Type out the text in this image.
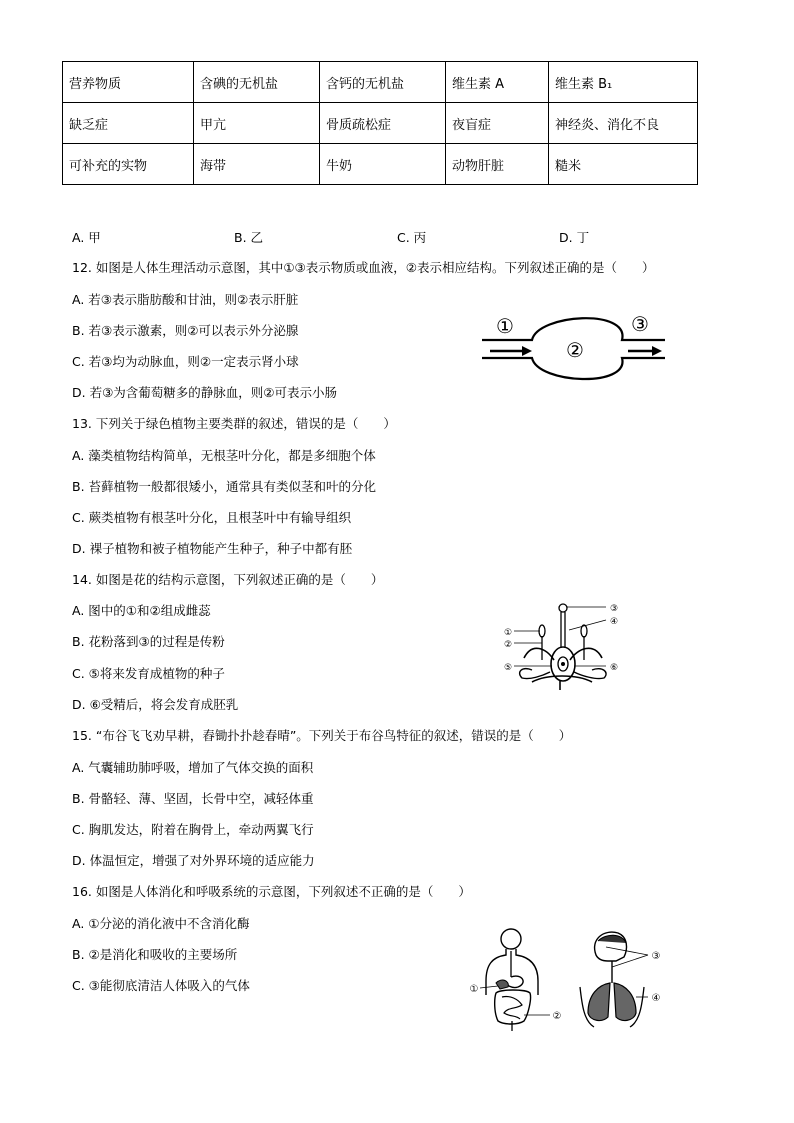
营养物质	含碘的无机盐	含钙的无机盐	维生素 A	维生素 B₁
缺乏症	甲亢	骨质疏松症	夜盲症	神经炎、消化不良
可补充的实物	海带	牛奶	动物肝脏	糙米
A. 甲	B. 乙	C. 丙	D. 丁
12. 如图是人体生理活动示意图，其中①③表示物质或血液，②表示相应结构。下列叙述正确的是（　　）
A. 若③表示脂肪酸和甘油，则②表示肝脏
B. 若③表示激素，则②可以表示外分泌腺
C. 若③均为动脉血，则②一定表示肾小球
D. 若③为含葡萄糖多的静脉血，则②可表示小肠
①
②
③
13. 下列关于绿色植物主要类群的叙述，错误的是（　　）
A. 藻类植物结构简单，无根茎叶分化，都是多细胞个体
B. 苔藓植物一般都很矮小，通常具有类似茎和叶的分化
C. 蕨类植物有根茎叶分化，且根茎叶中有输导组织
D. 裸子植物和被子植物能产生种子，种子中都有胚
14. 如图是花的结构示意图，下列叙述正确的是（　　）
A. 图中的①和②组成雌蕊
B. 花粉落到③的过程是传粉
C. ⑤将来发育成植物的种子
D. ⑥受精后，将会发育成胚乳
③
④
①
②
⑤	⑥
15. “布谷飞飞劝早耕，舂锄扑扑趁春晴”。下列关于布谷鸟特征的叙述，错误的是（　　）
A. 气囊辅助肺呼吸，增加了气体交换的面积
B. 骨骼轻、薄、坚固，长骨中空，减轻体重
C. 胸肌发达，附着在胸骨上，牵动两翼飞行
D. 体温恒定，增强了对外界环境的适应能力
16. 如图是人体消化和呼吸系统的示意图，下列叙述不正确的是（　　）
A. ①分泌的消化液中不含消化酶
B. ②是消化和吸收的主要场所
C. ③能彻底清洁人体吸入的气体	①
②
③
④
